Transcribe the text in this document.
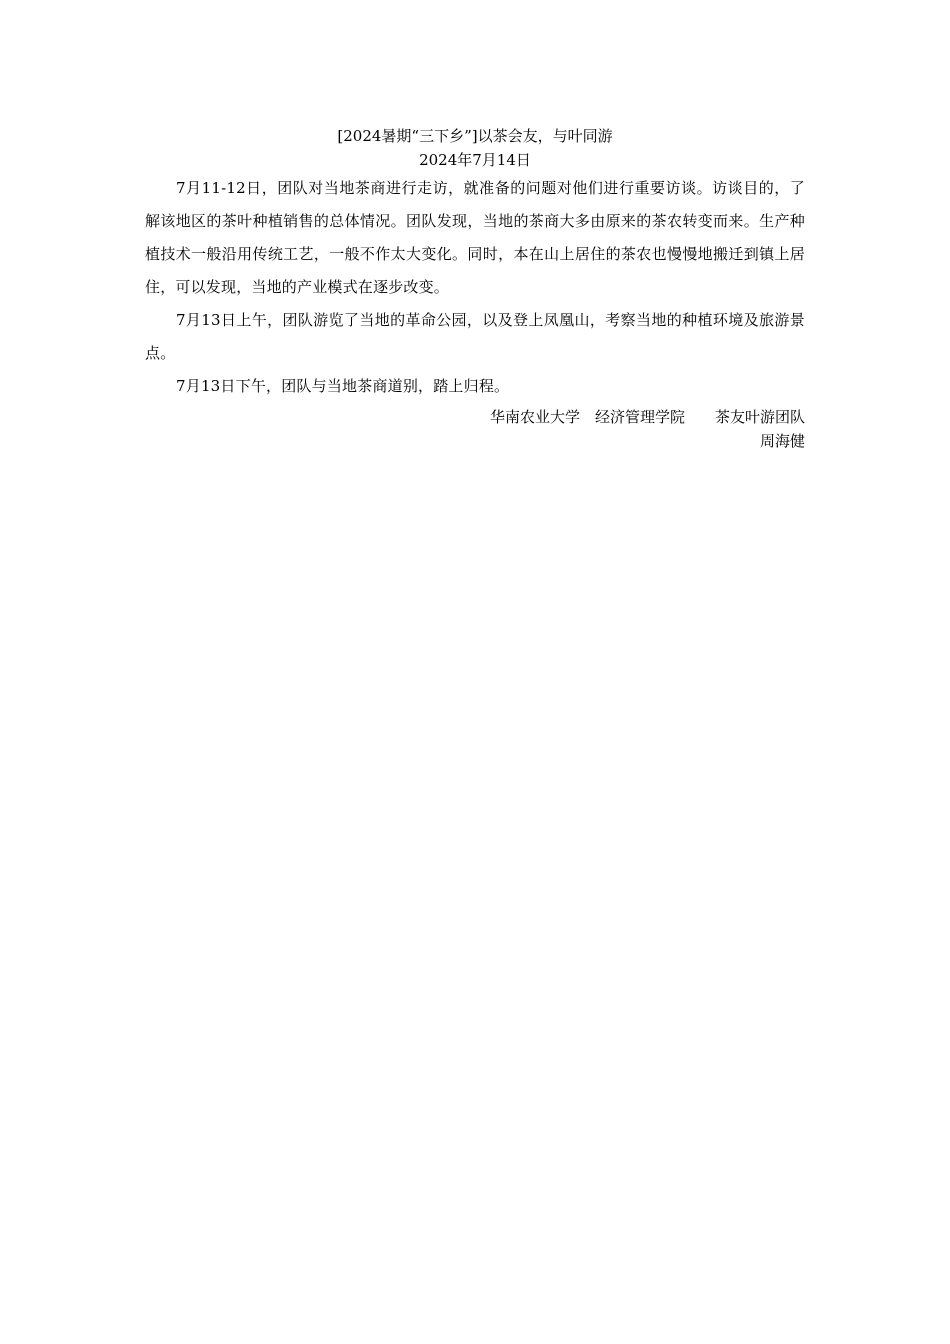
[2024暑期“三下乡”]以茶会友，与叶同游

2024年7月14日

7月11-12日，团队对当地茶商进行走访，就准备的问题对他们进行重要访谈。访谈目的，了解该地区的茶叶种植销售的总体情况。团队发现，当地的茶商大多由原来的茶农转变而来。生产种植技术一般沿用传统工艺，一般不作太大变化。同时，本在山上居住的茶农也慢慢地搬迁到镇上居住，可以发现，当地的产业模式在逐步改变。

7月13日上午，团队游览了当地的革命公园，以及登上凤凰山，考察当地的种植环境及旅游景点。

7月13日下午，团队与当地茶商道别，踏上归程。

华南农业大学　经济管理学院　　茶友叶游团队

周海健
